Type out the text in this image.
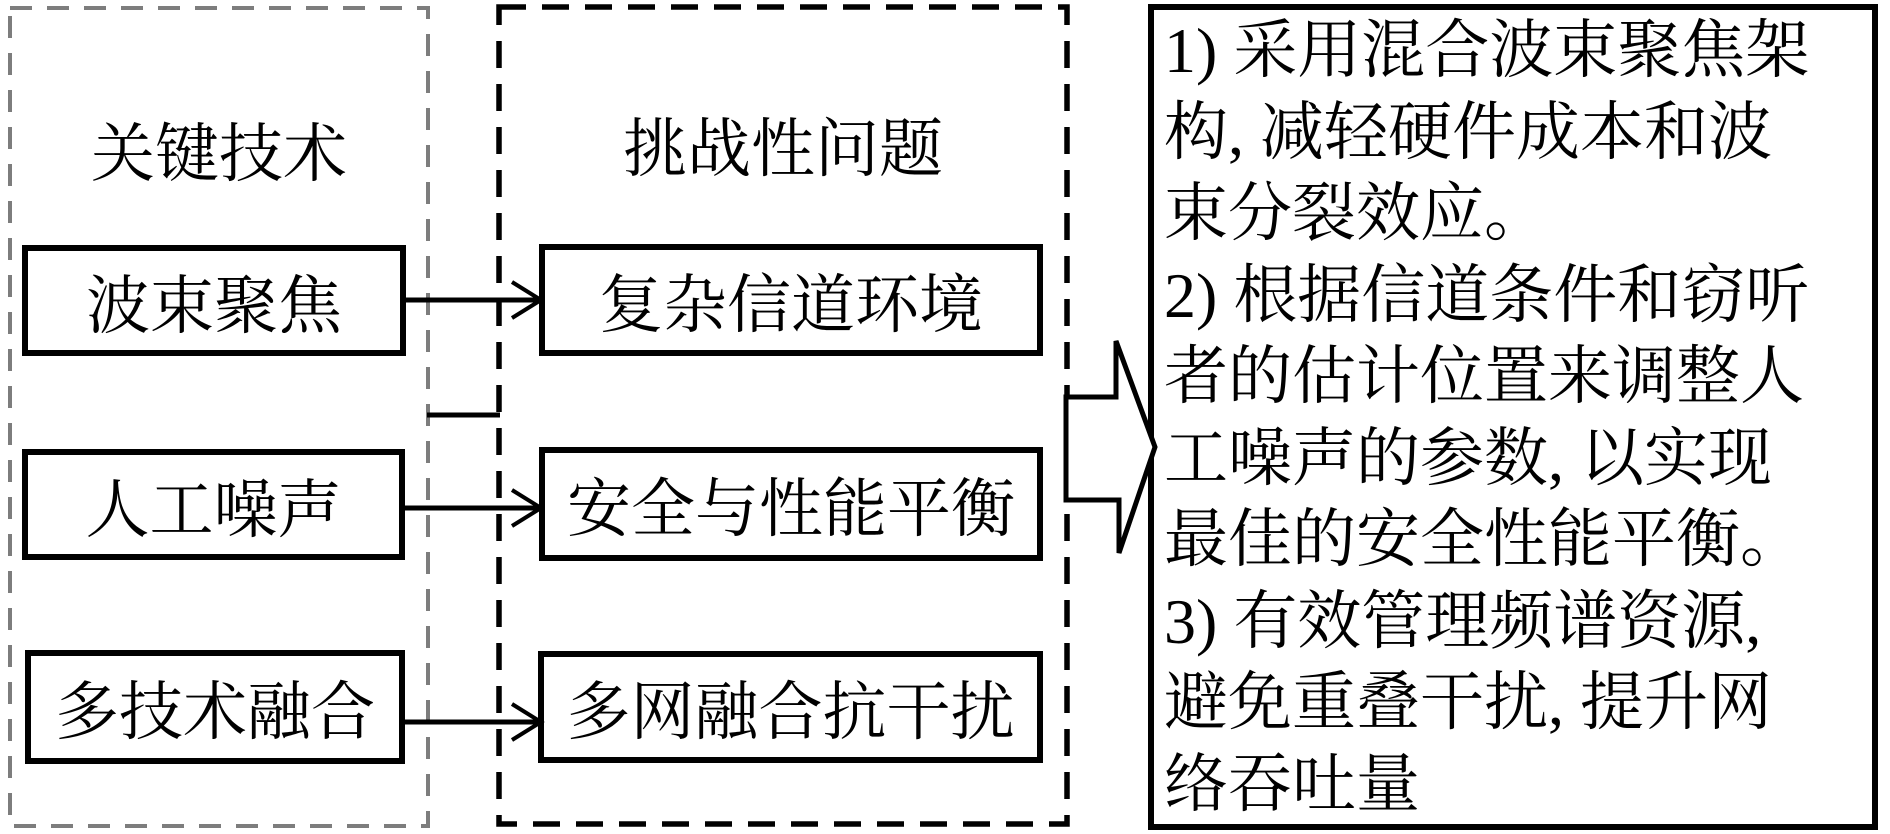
关键技术	挑战性问题
波束聚焦
人工噪声
多技术融合
复杂信道环境
安全与性能平衡
多网融合抗干扰
1) 采用混合波束聚焦架
构, 减轻硬件成本和波
束分裂效应。
2) 根据信道条件和窃听
者的估计位置来调整人
工噪声的参数, 以实现
最佳的安全性能平衡。
3) 有效管理频谱资源,
避免重叠干扰, 提升网
络吞吐量
